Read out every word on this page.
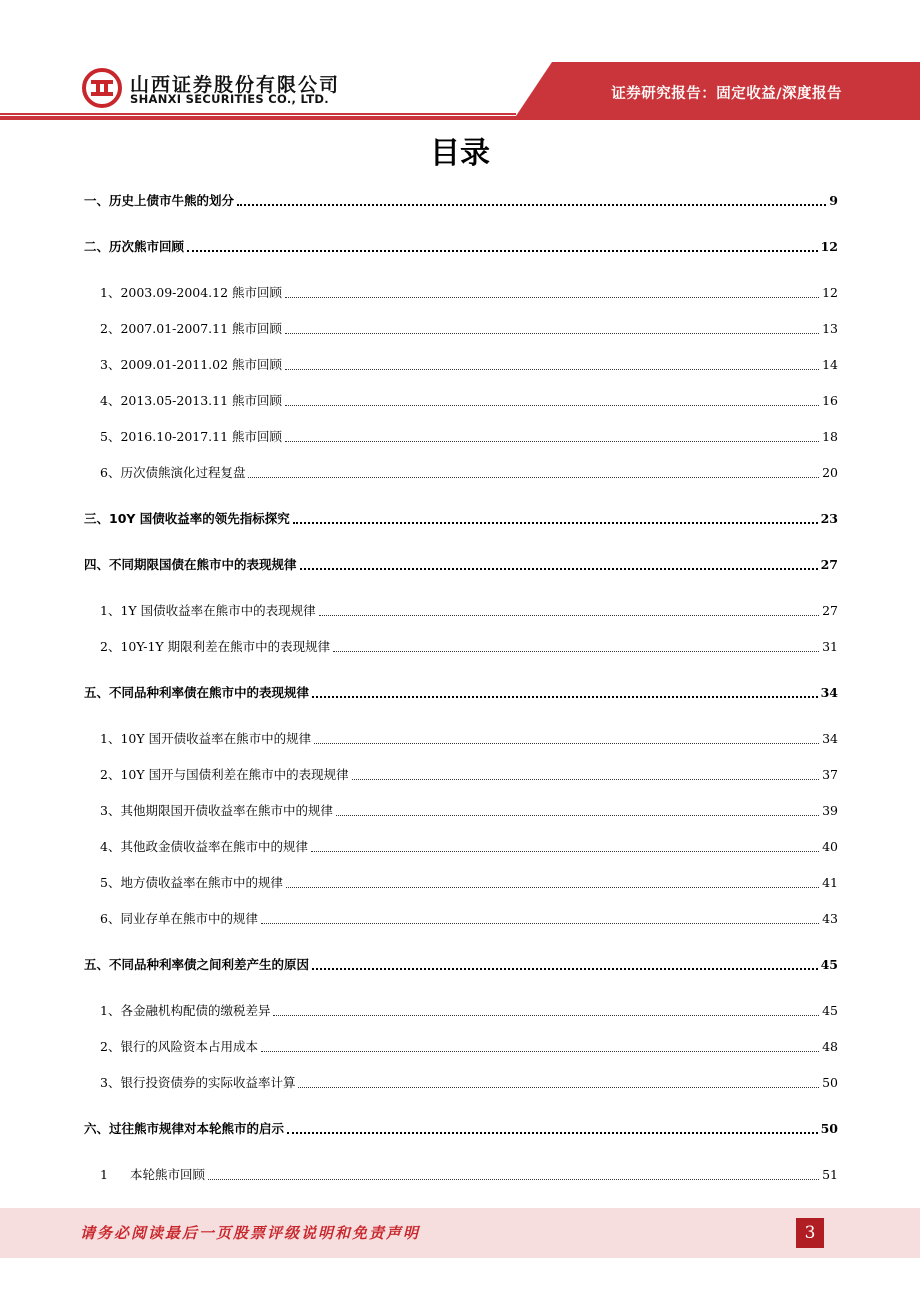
山西证券股份有限公司
SHANXI SECURITIES CO., LTD.	证券研究报告：固定收益/深度报告
目录
一、历史上债市牛熊的划分	9
二、历次熊市回顾	12
1、2003.09-2004.12 熊市回顾	12
2、2007.01-2007.11 熊市回顾	13
3、2009.01-2011.02 熊市回顾	14
4、2013.05-2013.11 熊市回顾	16
5、2016.10-2017.11 熊市回顾	18
6、历次债熊演化过程复盘	20
三、10Y 国债收益率的领先指标探究	23
四、不同期限国债在熊市中的表现规律	27
1、1Y 国债收益率在熊市中的表现规律	27
2、10Y-1Y 期限利差在熊市中的表现规律	31
五、不同品种利率债在熊市中的表现规律	34
1、10Y 国开债收益率在熊市中的规律	34
2、10Y 国开与国债利差在熊市中的表现规律	37
3、其他期限国开债收益率在熊市中的规律	39
4、其他政金债收益率在熊市中的规律	40
5、地方债收益率在熊市中的规律	41
6、同业存单在熊市中的规律	43
五、不同品种利率债之间利差产生的原因	45
1、各金融机构配债的缴税差异	45
2、银行的风险资本占用成本	48
3、银行投资债券的实际收益率计算	50
六、过往熊市规律对本轮熊市的启示	50
1 本轮熊市回顾	51
请务必阅读最后一页股票评级说明和免责声明	3
